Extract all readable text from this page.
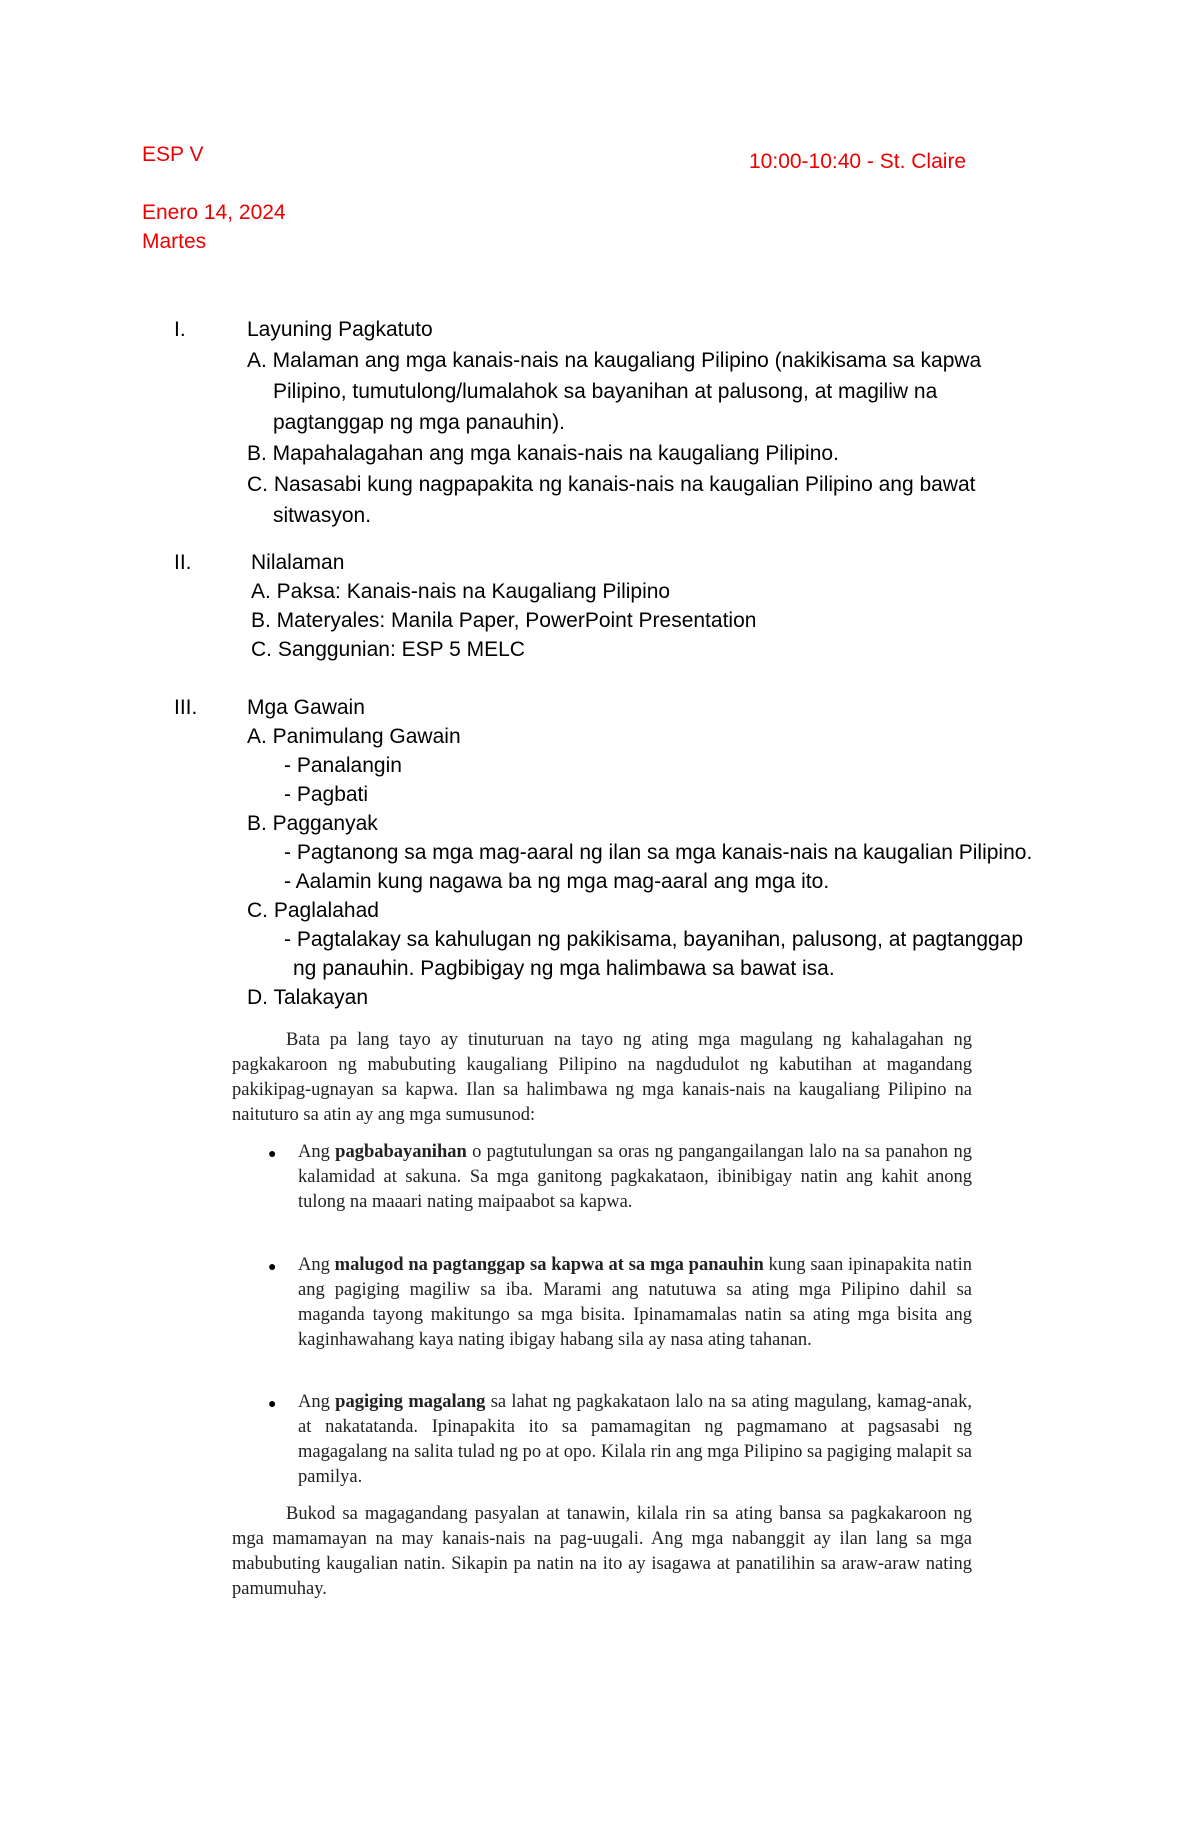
ESP V	10:00-10:40 - St. Claire
Enero 14, 2024
Martes
I.	Layuning Pagkatuto
A. Malaman ang mga kanais-nais na kaugaliang Pilipino (nakikisama sa kapwa
Pilipino, tumutulong/lumalahok sa bayanihan at palusong, at magiliw na
pagtanggap ng mga panauhin).
B. Mapahalagahan ang mga kanais-nais na kaugaliang Pilipino.
C. Nasasabi kung nagpapakita ng kanais-nais na kaugalian Pilipino ang bawat
sitwasyon.
II.	Nilalaman
A. Paksa: Kanais-nais na Kaugaliang Pilipino
B. Materyales: Manila Paper, PowerPoint Presentation
C. Sanggunian: ESP 5 MELC
III. Mga Gawain
A. Panimulang Gawain
- Panalangin
- Pagbati
B. Pagganyak
- Pagtanong sa mga mag-aaral ng ilan sa mga kanais-nais na kaugalian Pilipino.
- Aalamin kung nagawa ba ng mga mag-aaral ang mga ito.
C. Paglalahad
- Pagtalakay sa kahulugan ng pakikisama, bayanihan, palusong, at pagtanggap
ng panauhin. Pagbibigay ng mga halimbawa sa bawat isa.
D. Talakayan
Bata pa lang tayo ay tinuturuan na tayo ng ating mga magulang ng kahalagahan ng pagkakaroon ng mabubuting kaugaliang Pilipino na nagdudulot ng kabutihan at magandang pakikipag-ugnayan sa kapwa. Ilan sa halimbawa ng mga kanais-nais na kaugaliang Pilipino na naituturo sa atin ay ang mga sumusunod:
● Ang pagbabayanihan o pagtutulungan sa oras ng pangangailangan lalo na sa panahon ng kalamidad at sakuna. Sa mga ganitong pagkakataon, ibinibigay natin ang kahit anong tulong na maaari nating maipaabot sa kapwa.
● Ang malugod na pagtanggap sa kapwa at sa mga panauhin kung saan ipinapakita natin ang pagiging magiliw sa iba. Marami ang natutuwa sa ating mga Pilipino dahil sa maganda tayong makitungo sa mga bisita. Ipinamamalas natin sa ating mga bisita ang kaginhawahang kaya nating ibigay habang sila ay nasa ating tahanan.
● Ang pagiging magalang sa lahat ng pagkakataon lalo na sa ating magulang, kamag-anak, at nakatatanda. Ipinapakita ito sa pamamagitan ng pagmamano at pagsasabi ng magagalang na salita tulad ng po at opo. Kilala rin ang mga Pilipino sa pagiging malapit sa pamilya.
Bukod sa magagandang pasyalan at tanawin, kilala rin sa ating bansa sa pagkakaroon ng mga mamamayan na may kanais-nais na pag-uugali. Ang mga nabanggit ay ilan lang sa mga mabubuting kaugalian natin. Sikapin pa natin na ito ay isagawa at panatilihin sa araw-araw nating pamumuhay.
